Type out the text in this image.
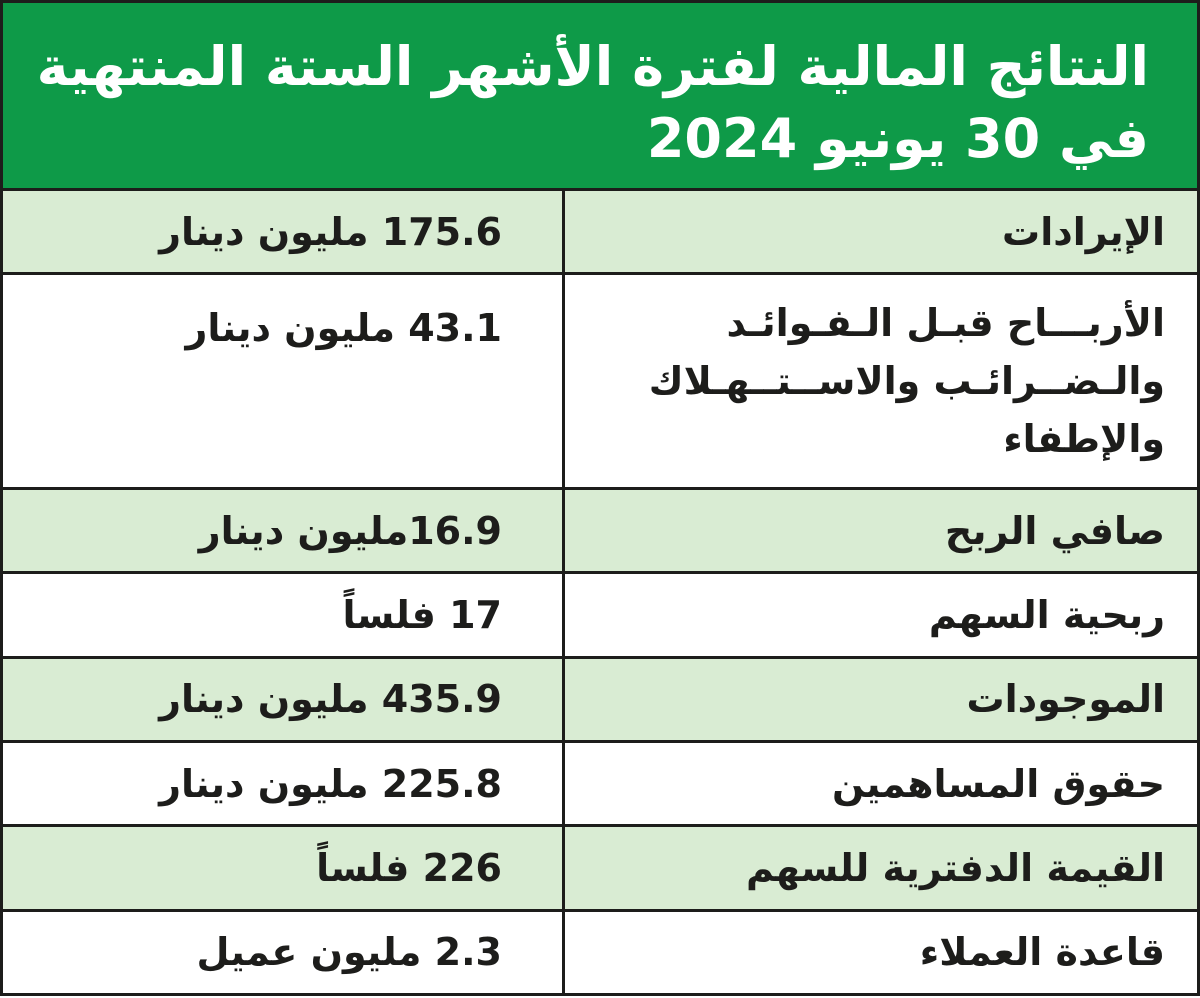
النتائج المالية لفترة الأشهر الستة المنتهية
في 30 يونيو 2024
الإيرادات	175.6 مليون دينار
الأربـــاح قبـل الـفـوائـد والـضــرائـب والاســتــهـلاك والإطفاء	43.1 مليون دينار
صافي الربح	16.9مليون دينار
ربحية السهم	17 فلساً
الموجودات	435.9 مليون دينار
حقوق المساهمين	225.8 مليون دينار
القيمة الدفترية للسهم	226 فلساً
قاعدة العملاء	2.3 مليون عميل
